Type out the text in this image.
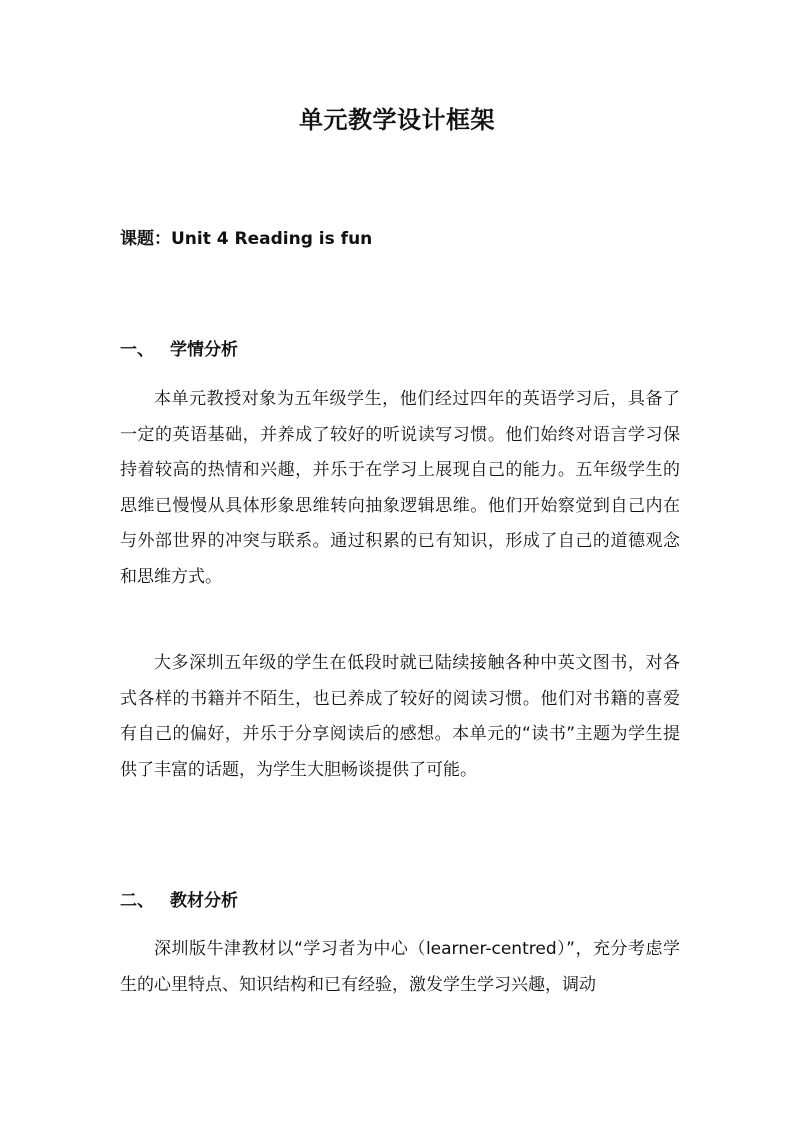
单元教学设计框架
课题：Unit 4 Reading is fun
一、 学情分析

本单元教授对象为五年级学生，他们经过四年的英语学习后，具备了一定的英语基础，并养成了较好的听说读写习惯。他们始终对语言学习保持着较高的热情和兴趣，并乐于在学习上展现自己的能力。五年级学生的思维已慢慢从具体形象思维转向抽象逻辑思维。他们开始察觉到自己内在与外部世界的冲突与联系。通过积累的已有知识，形成了自己的道德观念和思维方式。

大多深圳五年级的学生在低段时就已陆续接触各种中英文图书，对各式各样的书籍并不陌生，也已养成了较好的阅读习惯。他们对书籍的喜爱有自己的偏好，并乐于分享阅读后的感想。本单元的“读书”主题为学生提供了丰富的话题，为学生大胆畅谈提供了可能。

二、 教材分析

深圳版牛津教材以“学习者为中心（learner-centred）”，充分考虑学生的心里特点、知识结构和已有经验，激发学生学习兴趣，调动
